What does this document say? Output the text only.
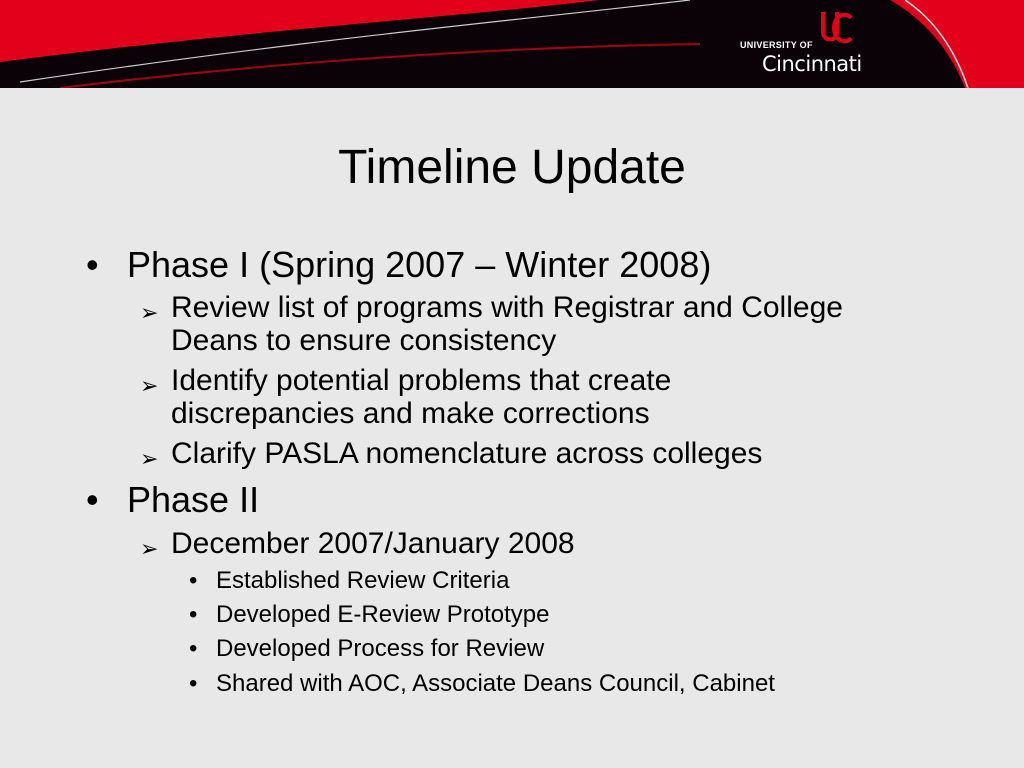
UNIVERSITY OF
Cincinnati
Timeline Update
• Phase I (Spring 2007 – Winter 2008)
➢ Review list of programs with Registrar and College
Deans to ensure consistency
➢ Identify potential problems that create
discrepancies and make corrections
➢ Clarify PASLA nomenclature across colleges
• Phase II
➢ December 2007/January 2008
• Established Review Criteria
• Developed E-Review Prototype
• Developed Process for Review
• Shared with AOC, Associate Deans Council, Cabinet
